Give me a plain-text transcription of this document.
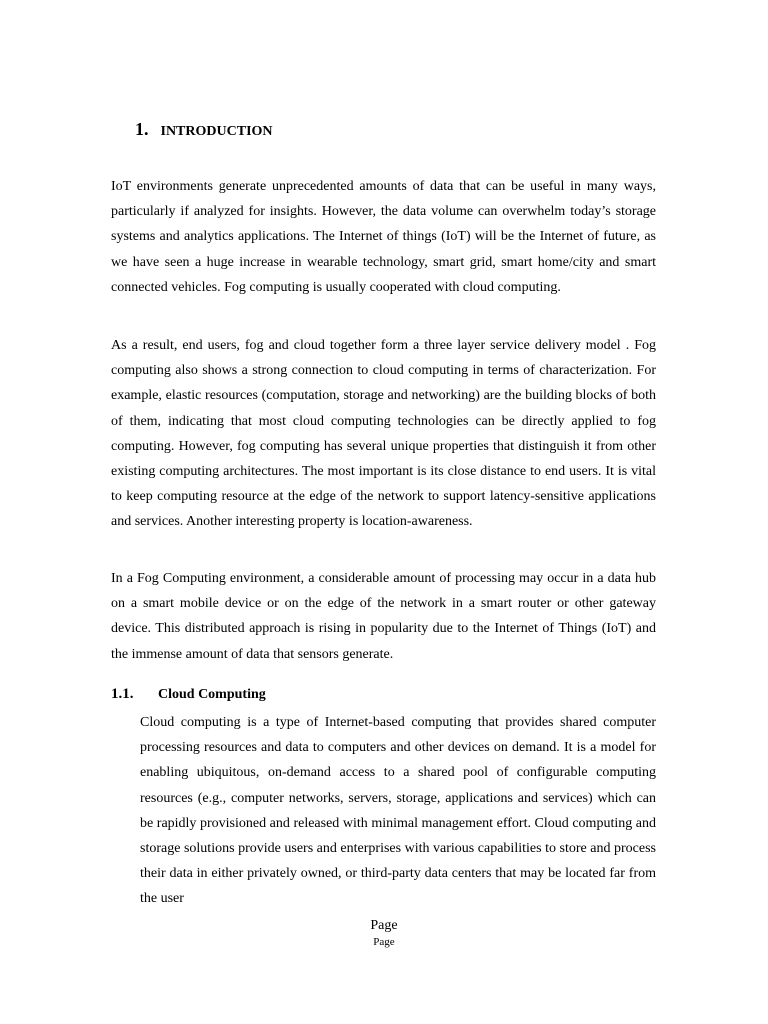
1. INTRODUCTION

IoT environments generate unprecedented amounts of data that can be useful in many ways, particularly if analyzed for insights. However, the data volume can overwhelm today’s storage systems and analytics applications. The Internet of things (IoT) will be the Internet of future, as we have seen a huge increase in wearable technology, smart grid, smart home/city and smart connected vehicles. Fog computing is usually cooperated with cloud computing.

As a result, end users, fog and cloud together form a three layer service delivery model . Fog computing also shows a strong connection to cloud computing in terms of characterization. For example, elastic resources (computation, storage and networking) are the building blocks of both of them, indicating that most cloud computing technologies can be directly applied to fog computing. However, fog computing has several unique properties that distinguish it from other existing computing architectures. The most important is its close distance to end users. It is vital to keep computing resource at the edge of the network to support latency-sensitive applications and services. Another interesting property is location-awareness.

In a Fog Computing environment, a considerable amount of processing may occur in a data hub on a smart mobile device or on the edge of the network in a smart router or other gateway device. This distributed approach is rising in popularity due to the Internet of Things (IoT) and the immense amount of data that sensors generate.

1.1. Cloud Computing

Cloud computing is a type of Internet-based computing that provides shared computer processing resources and data to computers and other devices on demand. It is a model for enabling ubiquitous, on-demand access to a shared pool of configurable computing resources (e.g., computer networks, servers, storage, applications and services) which can be rapidly provisioned and released with minimal management effort. Cloud computing and storage solutions provide users and enterprises with various capabilities to store and process their data in either privately owned, or third-party data centers that may be located far from the user

Page

Page
